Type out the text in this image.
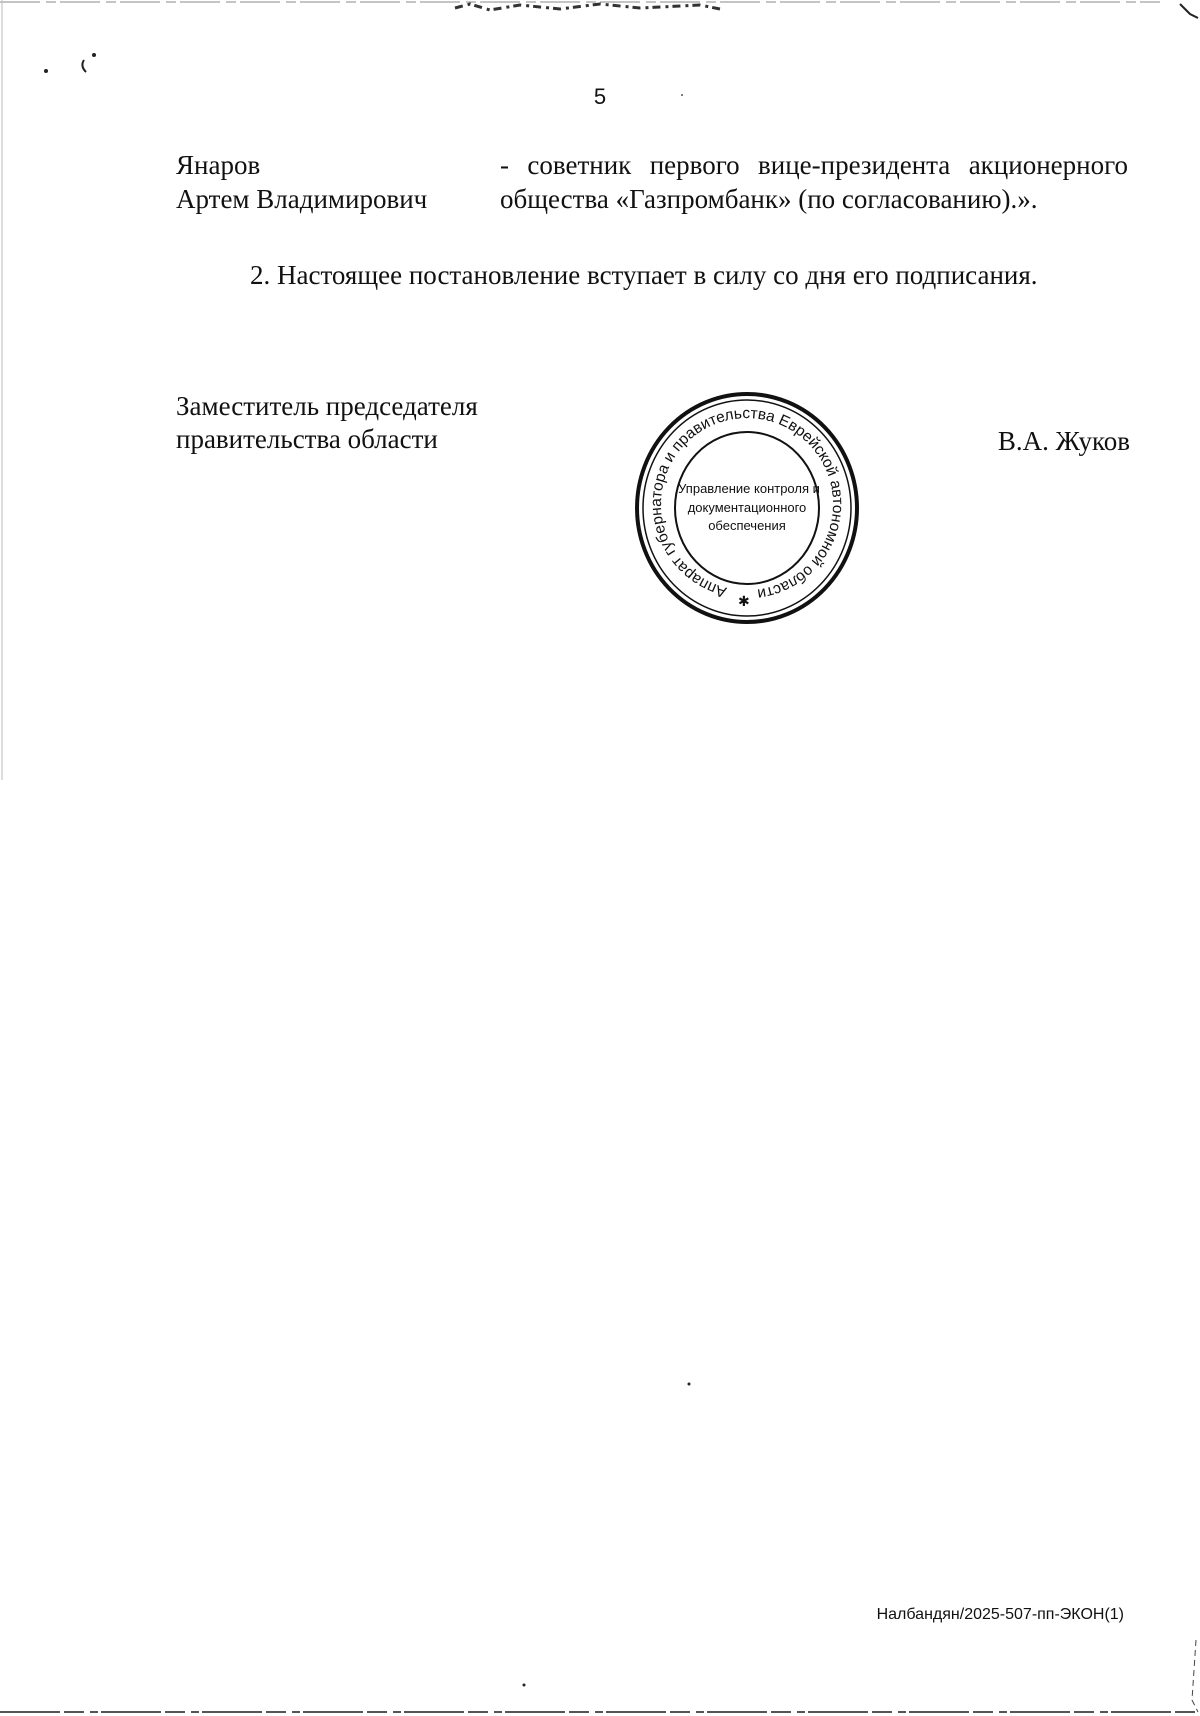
5
Янаров
Артем Владимирович
- советник первого вице-президента акционерного
общества «Газпромбанк» (по согласованию).».
2. Настоящее постановление вступает в силу со дня его подписания.
Заместитель председателя
правительства области
Аппарат губернатора и правительства Еврейской автономной области
✱
Управление контроля и
документационного
обеспечения
В.А. Жуков
Налбандян/2025-507-пп-ЭКОН(1)
